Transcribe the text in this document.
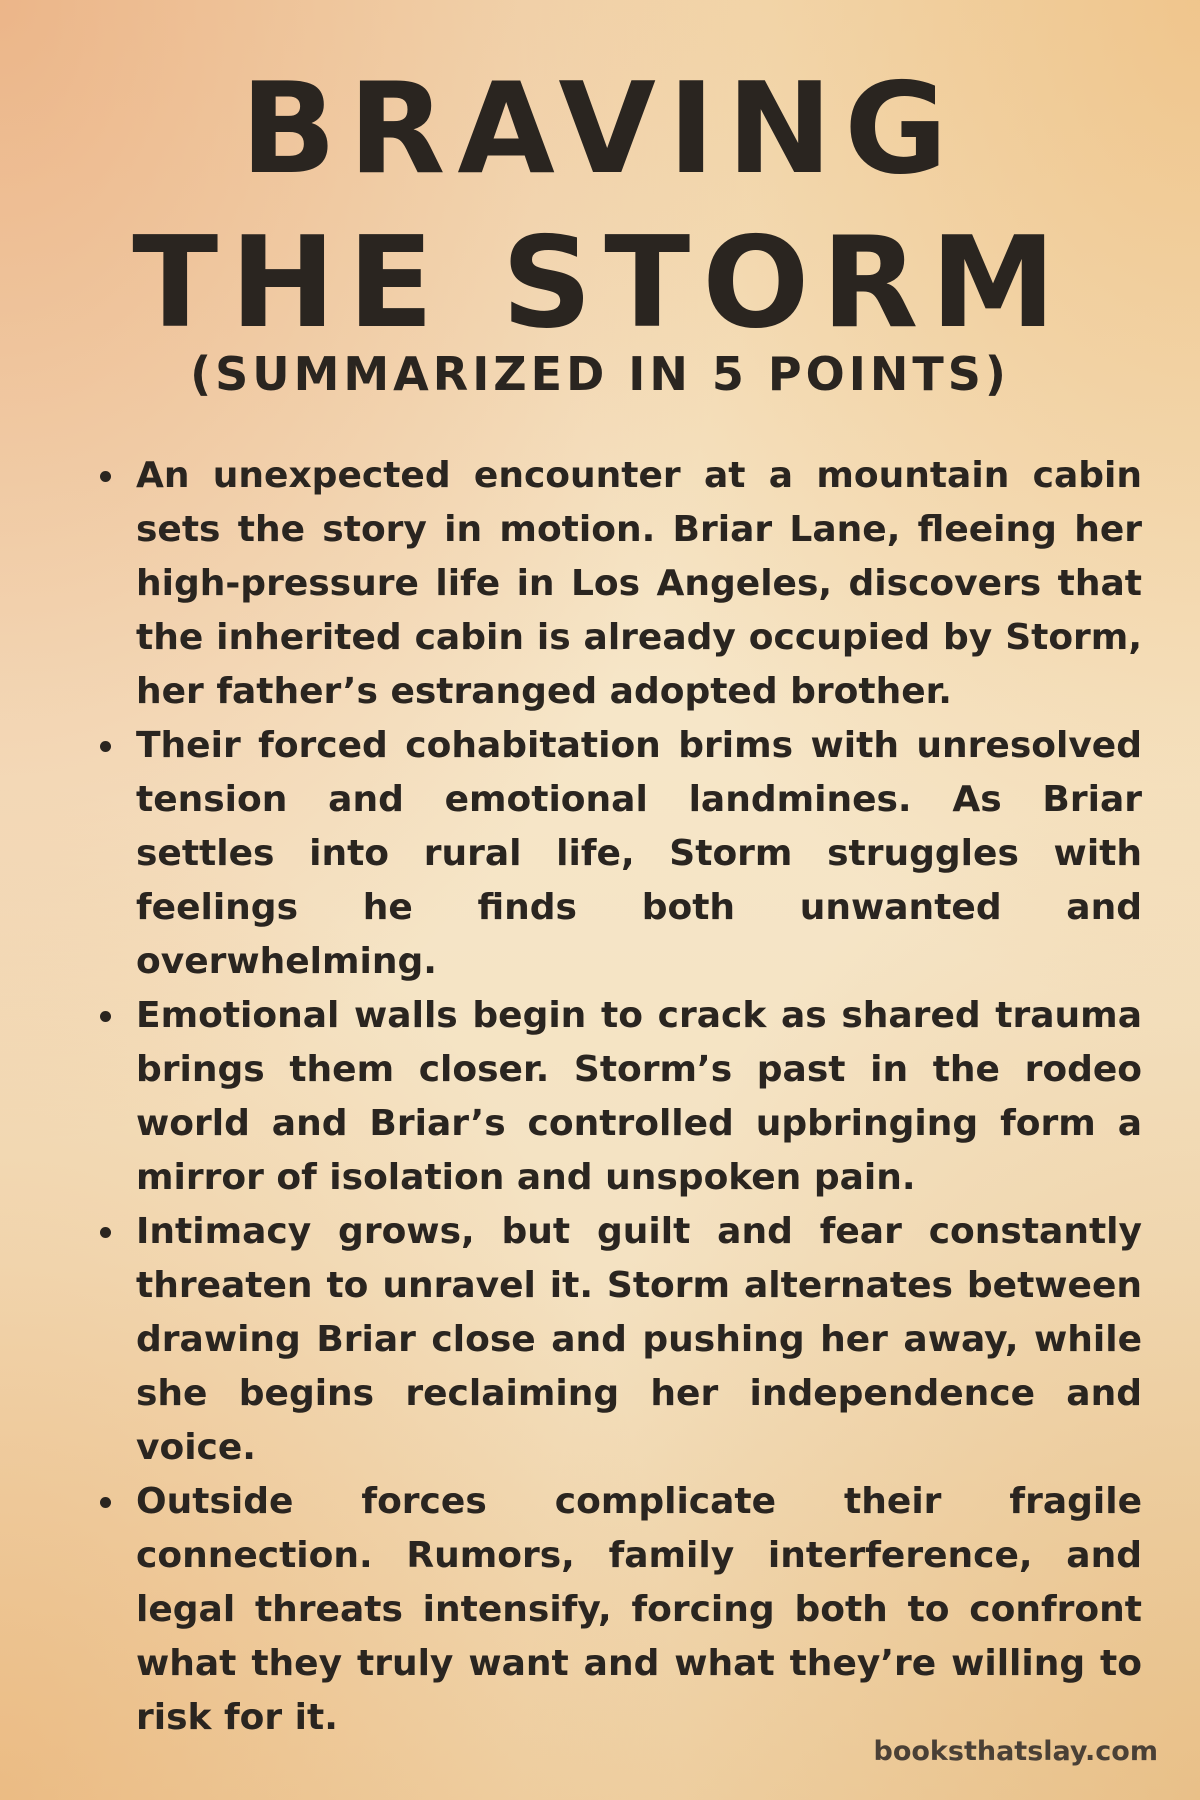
BRAVING THE STORM
(SUMMARIZED IN 5 POINTS)
An unexpected encounter at a mountain cabin sets the story in motion. Briar Lane, fleeing her high-pressure life in Los Angeles, discovers that the inherited cabin is already occupied by Storm, her father’s estranged adopted brother.
Their forced cohabitation brims with unresolved tension and emotional landmines. As Briar settles into rural life, Storm struggles with feelings he finds both unwanted and overwhelming.
Emotional walls begin to crack as shared trauma brings them closer. Storm’s past in the rodeo world and Briar’s controlled upbringing form a mirror of isolation and unspoken pain.
Intimacy grows, but guilt and fear constantly threaten to unravel it. Storm alternates between drawing Briar close and pushing her away, while she begins reclaiming her independence and voice.
Outside forces complicate their fragile connection. Rumors, family interference, and legal threats intensify, forcing both to confront what they truly want and what they’re willing to risk for it.
booksthatslay.com
